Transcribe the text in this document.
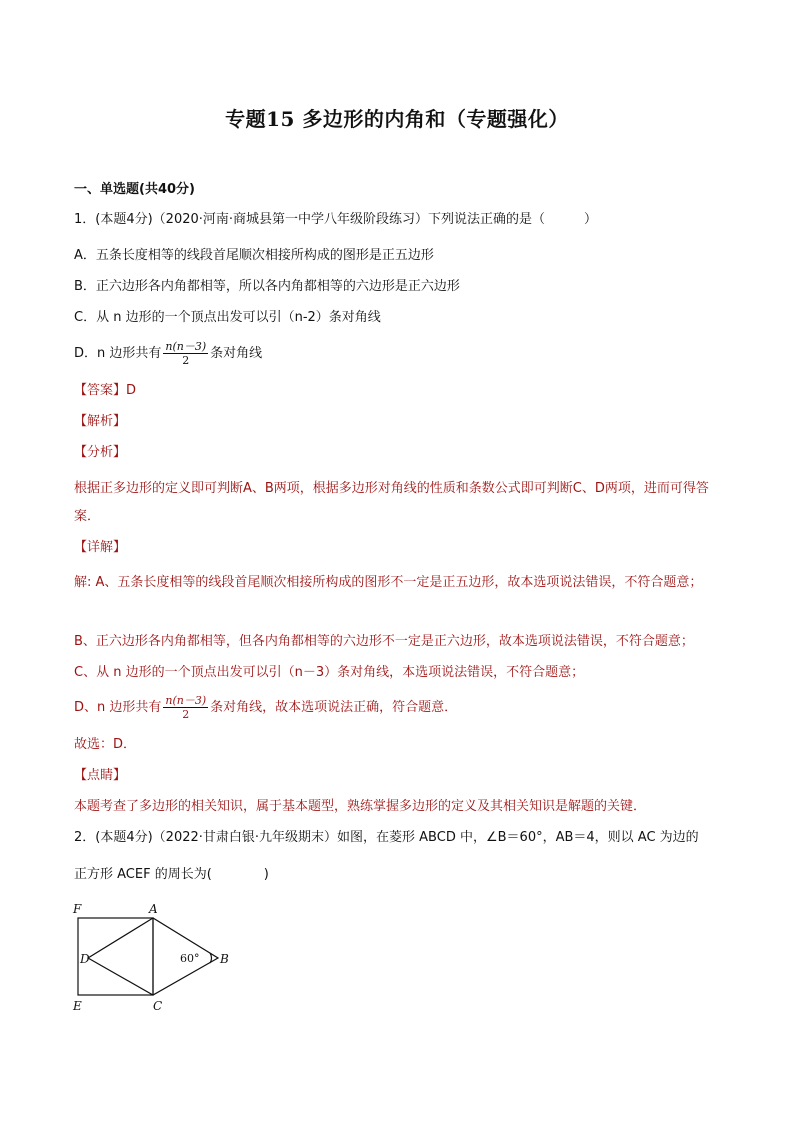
专题15 多边形的内角和（专题强化）
一、单选题(共40分)
1．(本题4分)（2020·河南·商城县第一中学八年级阶段练习）下列说法正确的是（　　　）
A．五条长度相等的线段首尾顺次相接所构成的图形是正五边形
B．正六边形各内角都相等，所以各内角都相等的六边形是正六边形
C．从 n 边形的一个顶点出发可以引（n-2）条对角线
D．n 边形共有 $\frac{n(n-3)}{2}$ 条对角线
【答案】D
【解析】
【分析】
根据正多边形的定义即可判断A、B两项，根据多边形对角线的性质和条数公式即可判断C、D两项，进而可得答案．
【详解】
解: A、五条长度相等的线段首尾顺次相接所构成的图形不一定是正五边形，故本选项说法错误，不符合题意；
B、正六边形各内角都相等，但各内角都相等的六边形不一定是正六边形，故本选项说法错误，不符合题意；
C、从 n 边形的一个顶点出发可以引（n－3）条对角线，本选项说法错误，不符合题意；
D、n 边形共有 $\frac{n(n-3)}{2}$ 条对角线，故本选项说法正确，符合题意．
故选：D．
【点睛】
本题考查了多边形的相关知识，属于基本题型，熟练掌握多边形的定义及其相关知识是解题的关键．
2．(本题4分)（2022·甘肃白银·九年级期末）如图，在菱形 ABCD 中，∠B＝60°，AB＝4，则以 AC 为边的
正方形 ACEF 的周长为(　　　　)
F	A
D	B
E	C
60°
